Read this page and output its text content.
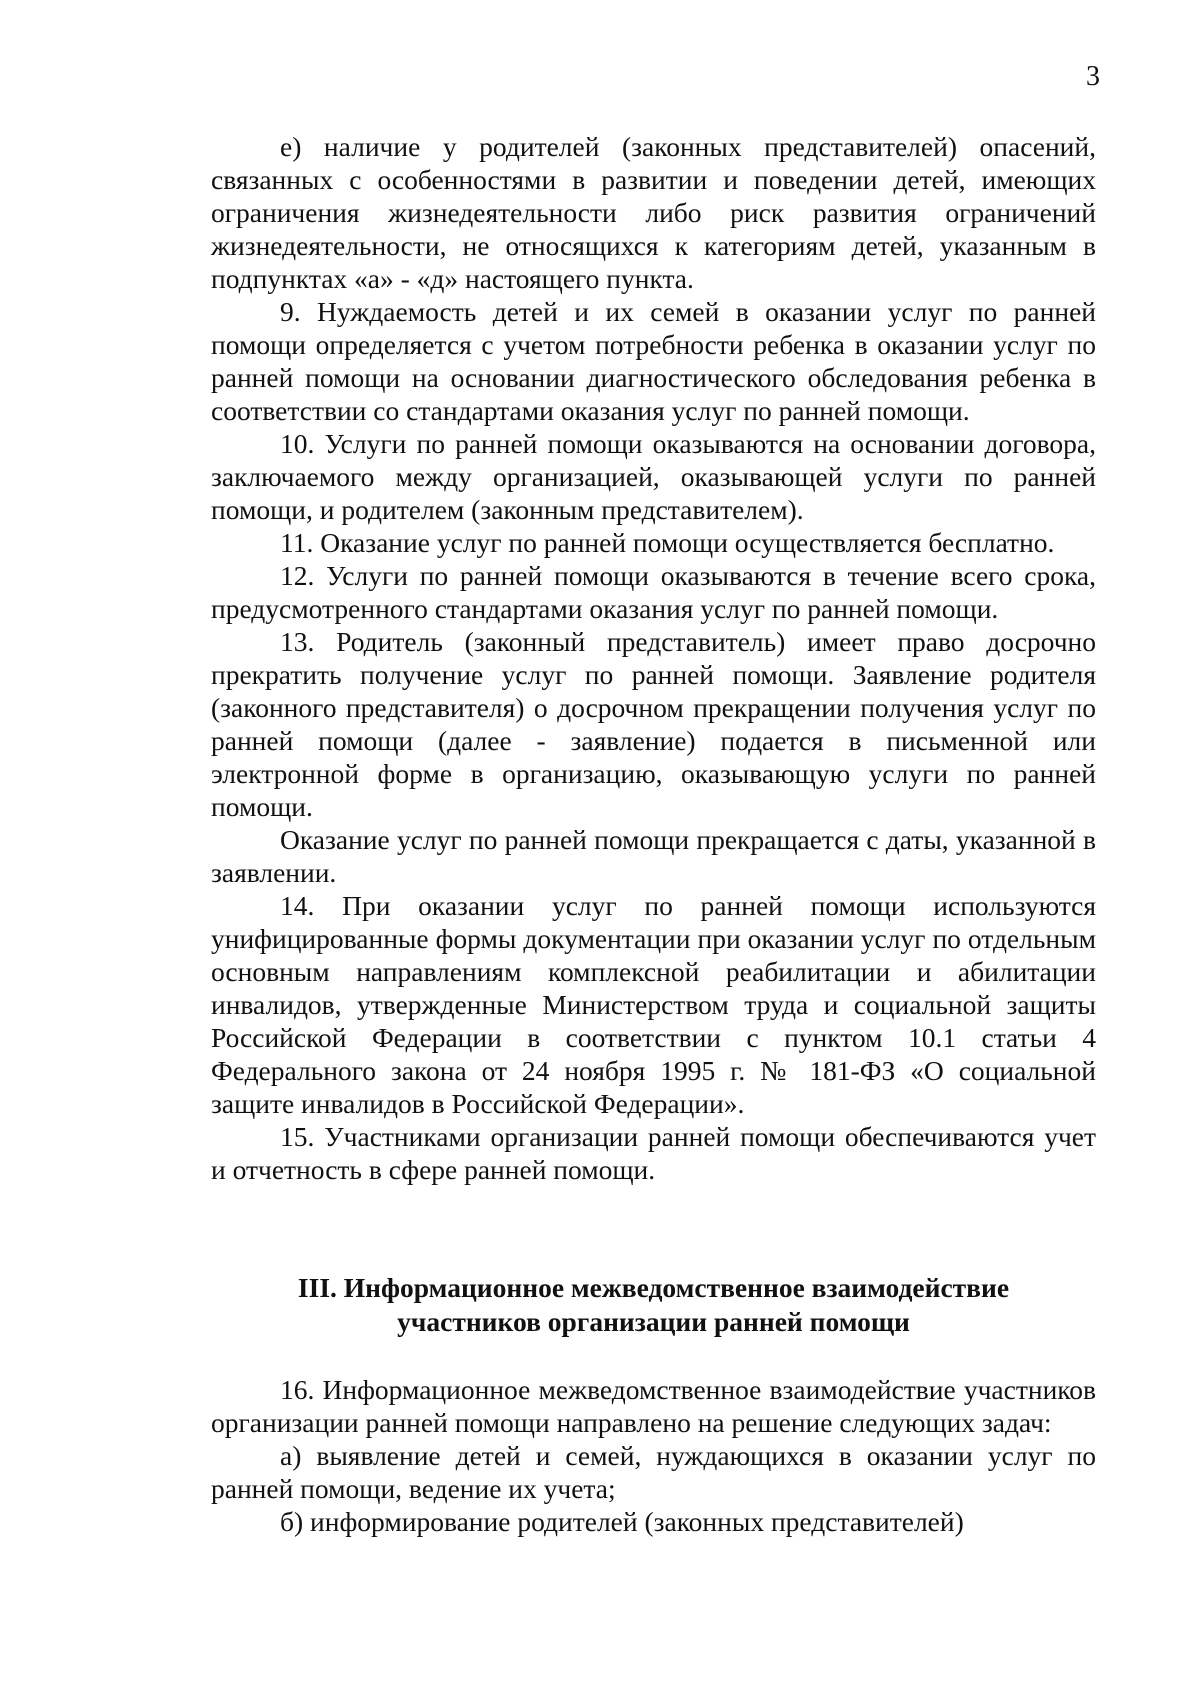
3

е) наличие у родителей (законных представителей) опасений, связанных с особенностями в развитии и поведении детей, имеющих ограничения жизнедеятельности либо риск развития ограничений жизнедеятельности, не относящихся к категориям детей, указанным в подпунктах «а» - «д» настоящего пункта.

9. Нуждаемость детей и их семей в оказании услуг по ранней помощи определяется с учетом потребности ребенка в оказании услуг по ранней помощи на основании диагностического обследования ребенка в соответствии со стандартами оказания услуг по ранней помощи.

10. Услуги по ранней помощи оказываются на основании договора, заключаемого между организацией, оказывающей услуги по ранней помощи, и родителем (законным представителем).

11. Оказание услуг по ранней помощи осуществляется бесплатно.

12. Услуги по ранней помощи оказываются в течение всего срока, предусмотренного стандартами оказания услуг по ранней помощи.

13. Родитель (законный представитель) имеет право досрочно прекратить получение услуг по ранней помощи. Заявление родителя (законного представителя) о досрочном прекращении получения услуг по ранней помощи (далее - заявление) подается в письменной или электронной форме в организацию, оказывающую услуги по ранней помощи.

Оказание услуг по ранней помощи прекращается с даты, указанной в заявлении.

14. При оказании услуг по ранней помощи используются унифицированные формы документации при оказании услуг по отдельным основным направлениям комплексной реабилитации и абилитации инвалидов, утвержденные Министерством труда и социальной защиты Российской Федерации в соответствии с пунктом 10.1 статьи 4 Федерального закона от 24 ноября 1995 г. № 181-ФЗ «О социальной защите инвалидов в Российской Федерации».

15. Участниками организации ранней помощи обеспечиваются учет и отчетность в сфере ранней помощи.

III. Информационное межведомственное взаимодействие
участников организации ранней помощи

16. Информационное межведомственное взаимодействие участников организации ранней помощи направлено на решение следующих задач:

а) выявление детей и семей, нуждающихся в оказании услуг по ранней помощи, ведение их учета;

б) информирование родителей (законных представителей)
